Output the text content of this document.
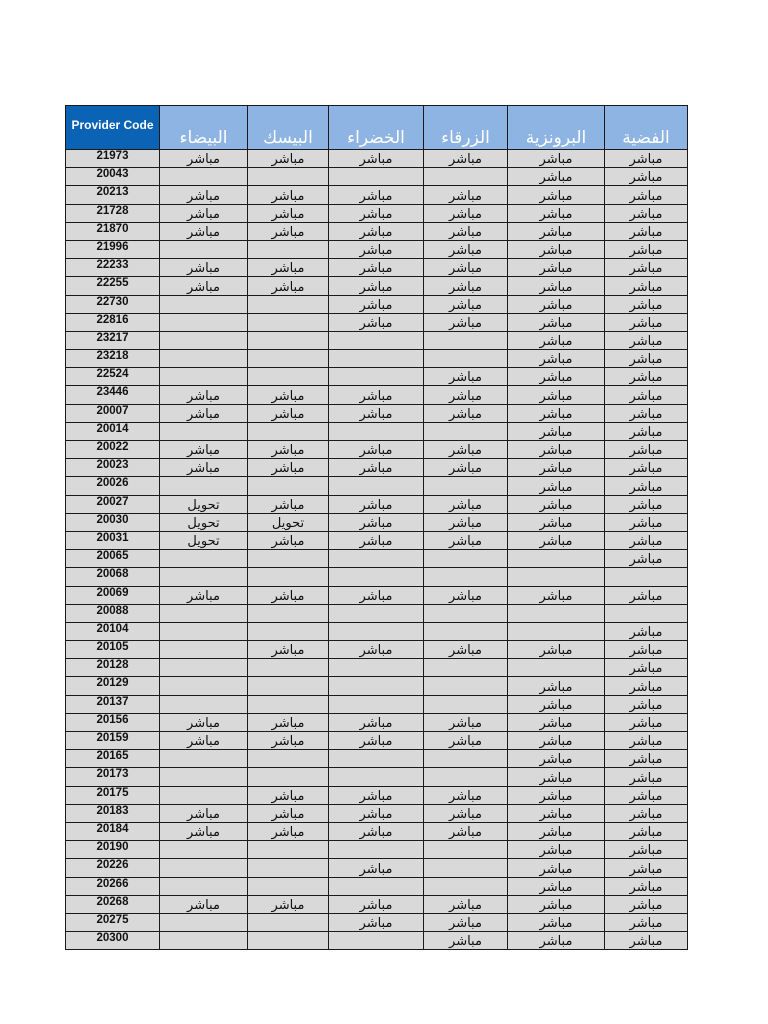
Provider Code	البيضاء	البيسك	الخضراء	الزرقاء	البرونزية	الفضية
21973	مباشر	مباشر	مباشر	مباشر	مباشر	مباشر
20043					مباشر	مباشر
20213	مباشر	مباشر	مباشر	مباشر	مباشر	مباشر
21728	مباشر	مباشر	مباشر	مباشر	مباشر	مباشر
21870	مباشر	مباشر	مباشر	مباشر	مباشر	مباشر
21996			مباشر	مباشر	مباشر	مباشر
22233	مباشر	مباشر	مباشر	مباشر	مباشر	مباشر
22255	مباشر	مباشر	مباشر	مباشر	مباشر	مباشر
22730			مباشر	مباشر	مباشر	مباشر
22816			مباشر	مباشر	مباشر	مباشر
23217					مباشر	مباشر
23218					مباشر	مباشر
22524				مباشر	مباشر	مباشر
23446	مباشر	مباشر	مباشر	مباشر	مباشر	مباشر
20007	مباشر	مباشر	مباشر	مباشر	مباشر	مباشر
20014					مباشر	مباشر
20022	مباشر	مباشر	مباشر	مباشر	مباشر	مباشر
20023	مباشر	مباشر	مباشر	مباشر	مباشر	مباشر
20026					مباشر	مباشر
20027	تحويل	مباشر	مباشر	مباشر	مباشر	مباشر
20030	تحويل	تحويل	مباشر	مباشر	مباشر	مباشر
20031	تحويل	مباشر	مباشر	مباشر	مباشر	مباشر
20065						مباشر
20068						
20069	مباشر	مباشر	مباشر	مباشر	مباشر	مباشر
20088						
20104						مباشر
20105		مباشر	مباشر	مباشر	مباشر	مباشر
20128						مباشر
20129					مباشر	مباشر
20137					مباشر	مباشر
20156	مباشر	مباشر	مباشر	مباشر	مباشر	مباشر
20159	مباشر	مباشر	مباشر	مباشر	مباشر	مباشر
20165					مباشر	مباشر
20173					مباشر	مباشر
20175		مباشر	مباشر	مباشر	مباشر	مباشر
20183	مباشر	مباشر	مباشر	مباشر	مباشر	مباشر
20184	مباشر	مباشر	مباشر	مباشر	مباشر	مباشر
20190					مباشر	مباشر
20226			مباشر		مباشر	مباشر
20266					مباشر	مباشر
20268	مباشر	مباشر	مباشر	مباشر	مباشر	مباشر
20275			مباشر	مباشر	مباشر	مباشر
20300				مباشر	مباشر	مباشر
